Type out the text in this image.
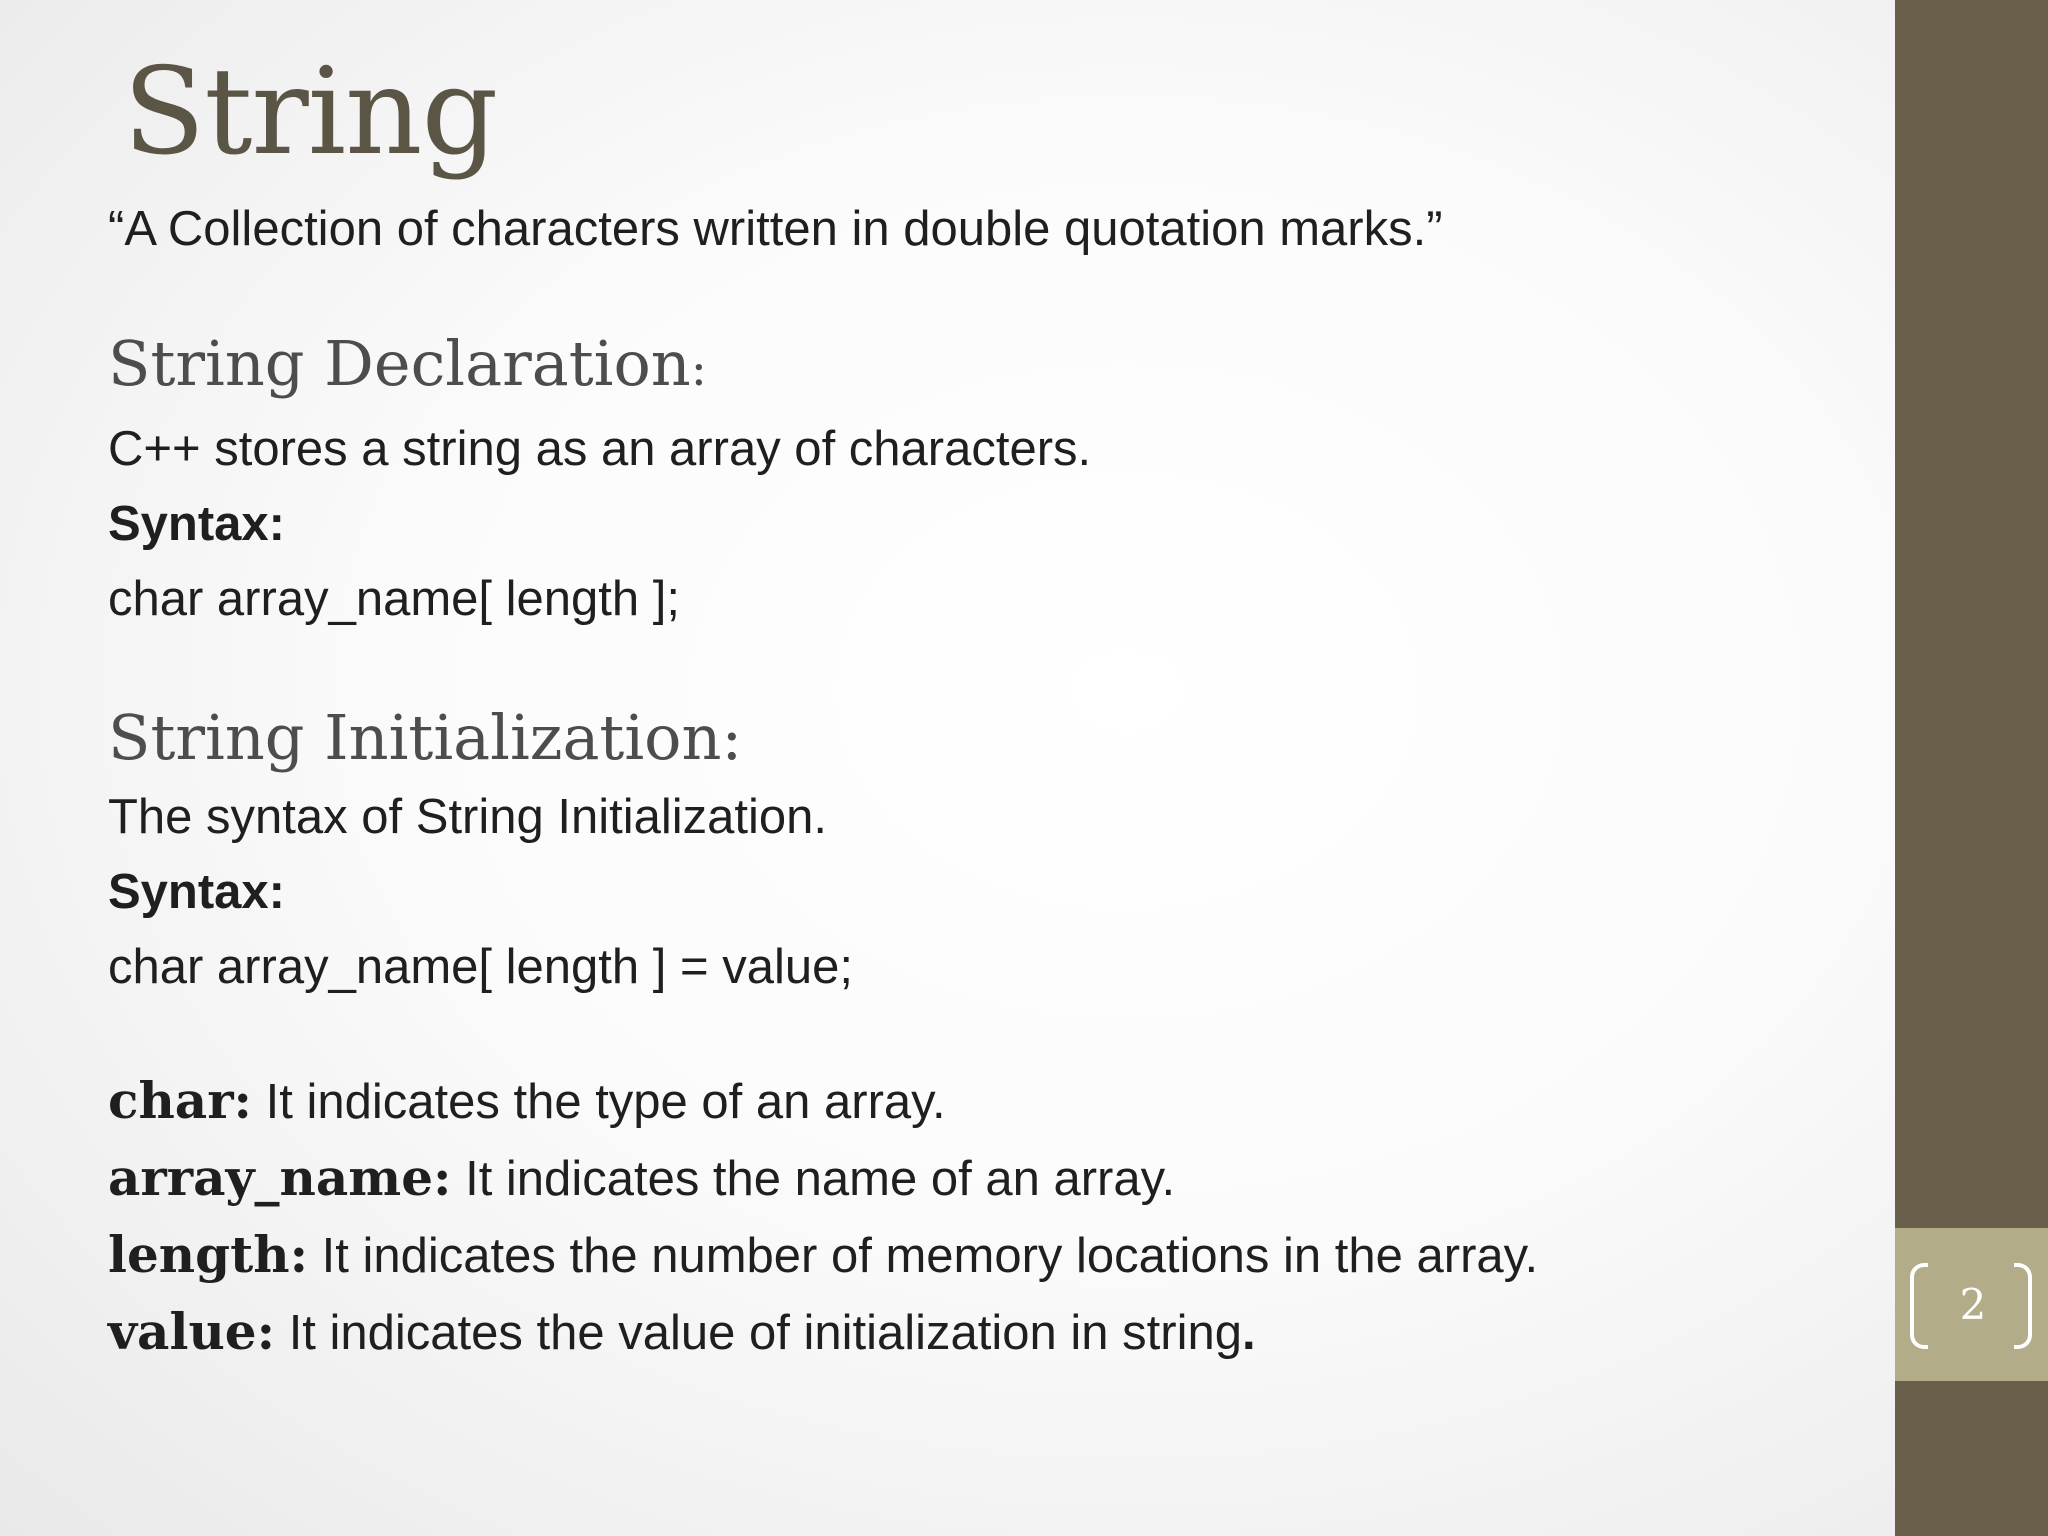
String
“A Collection of characters written in double quotation marks.”
String Declaration:
C++ stores a string as an array of characters.
Syntax:
char array_name[ length ];
String Initialization:
The syntax of String Initialization.
Syntax:
char array_name[ length ] = value;
char: It indicates the type of an array.
array_name: It indicates the name of an array.
length: It indicates the number of memory locations in the array.
value: It indicates the value of initialization in string.
2
